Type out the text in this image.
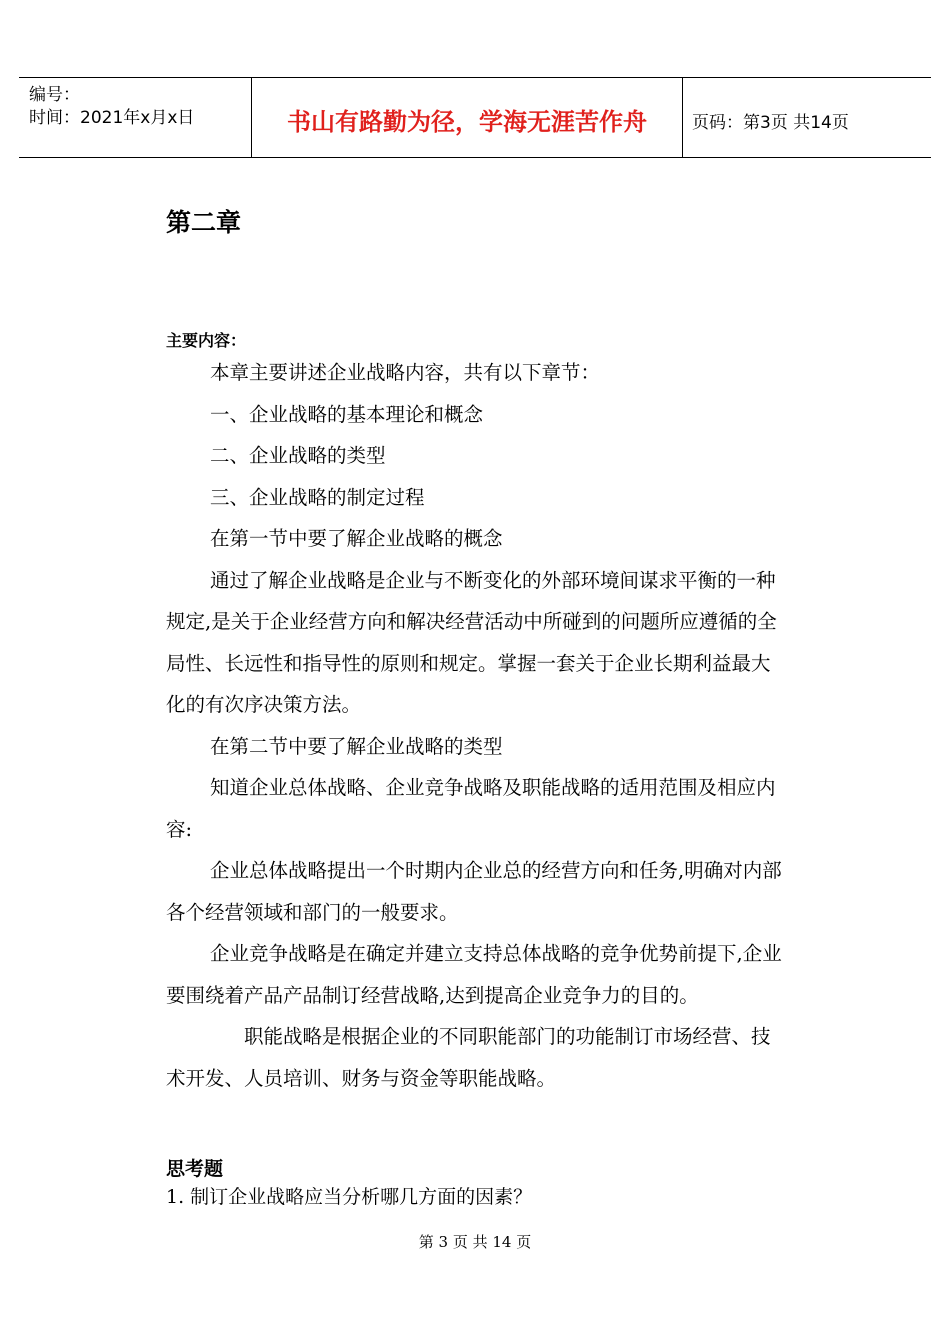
编号：
时间：2021年x月x日	书山有路勤为径，学海无涯苦作舟	页码：第3页 共14页
第二章
主要内容：

本章主要讲述企业战略内容，共有以下章节：

一、企业战略的基本理论和概念

二、企业战略的类型

三、企业战略的制定过程

在第一节中要了解企业战略的概念

通过了解企业战略是企业与不断变化的外部环境间谋求平衡的一种规定,是关于企业经营方向和解决经营活动中所碰到的问题所应遵循的全局性、长远性和指导性的原则和规定。掌握一套关于企业长期利益最大化的有次序决策方法。

在第二节中要了解企业战略的类型

知道企业总体战略、企业竞争战略及职能战略的适用范围及相应内容:

企业总体战略提出一个时期内企业总的经营方向和任务,明确对内部各个经营领域和部门的一般要求。

企业竞争战略是在确定并建立支持总体战略的竞争优势前提下,企业要围绕着产品产品制订经营战略,达到提高企业竞争力的目的。

职能战略是根据企业的不同职能部门的功能制订市场经营、技术开发、人员培训、财务与资金等职能战略。

思考题
1. 制订企业战略应当分析哪几方面的因素？
第 3 页 共 14 页
